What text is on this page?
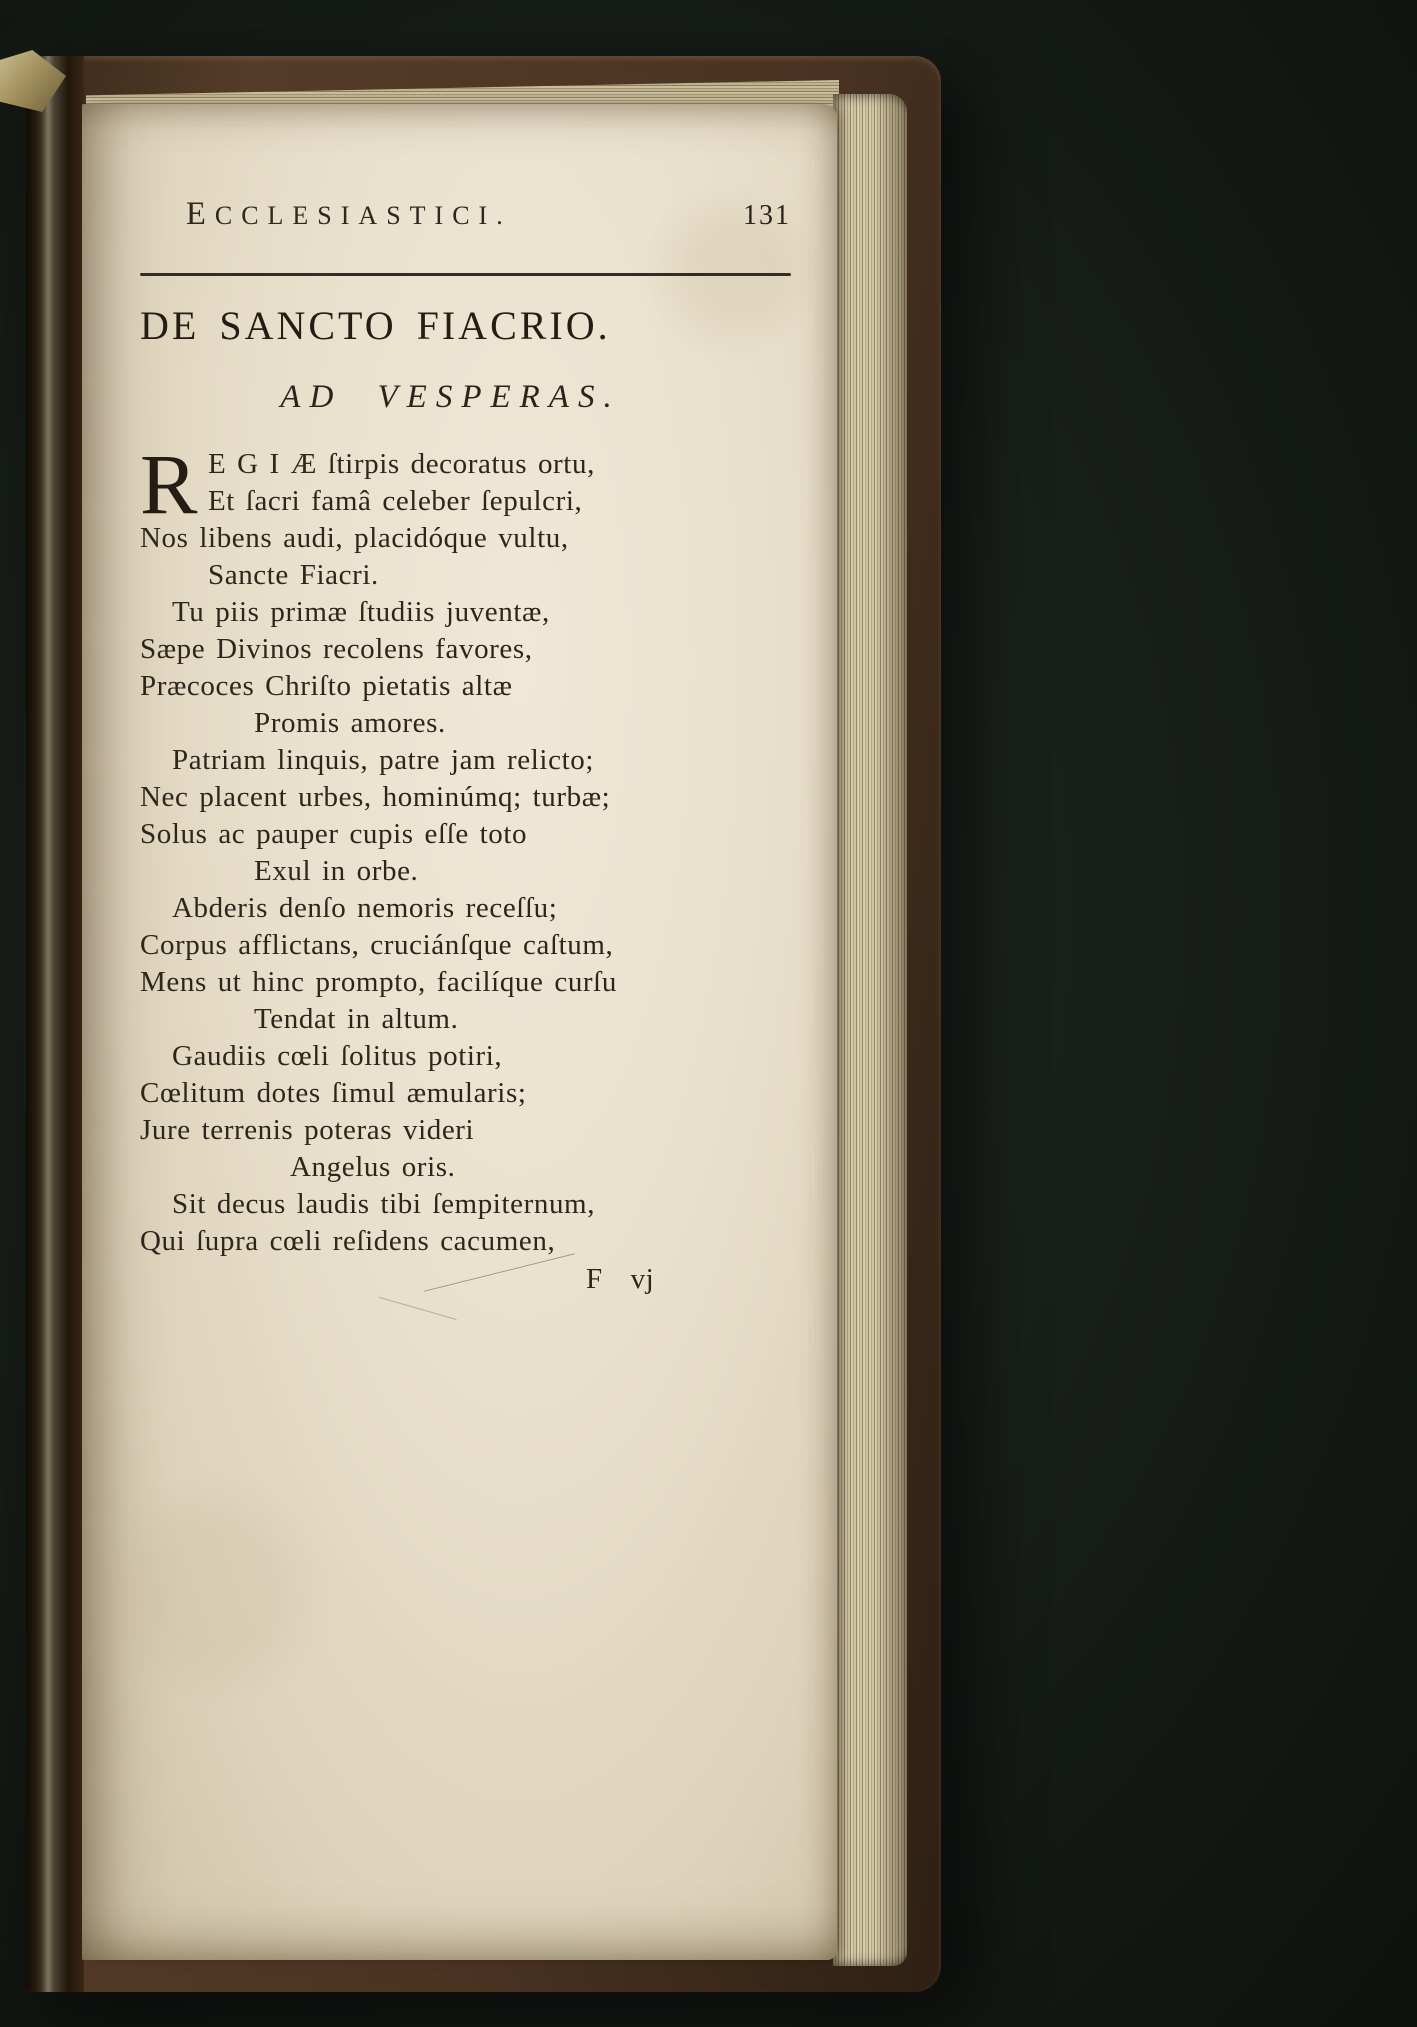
ECCLESIASTICI.	131
DE SANCTO FIACRIO.
AD VESPERAS.
R E G I Æ ſtirpis decoratus ortu,
Et ſacri famâ celeber ſepulcri,
Nos libens audi, placidóque vultu,
Sancte Fiacri.
Tu piis primæ ſtudiis juventæ,
Sæpe Divinos recolens favores,
Præcoces Chriſto pietatis altæ
Promis amores.
Patriam linquis, patre jam relicto;
Nec placent urbes, hominúmq; turbæ;
Solus ac pauper cupis eſſe toto
Exul in orbe.
Abderis denſo nemoris receſſu;
Corpus afflictans, cruciánſque caſtum,
Mens ut hinc prompto, facilíque curſu
Tendat in altum.
Gaudiis cœli ſolitus potiri,
Cœlitum dotes ſimul æmularis;
Jure terrenis poteras videri
Angelus oris.
Sit decus laudis tibi ſempiternum,
Qui ſupra cœli reſidens cacumen,
F vj
